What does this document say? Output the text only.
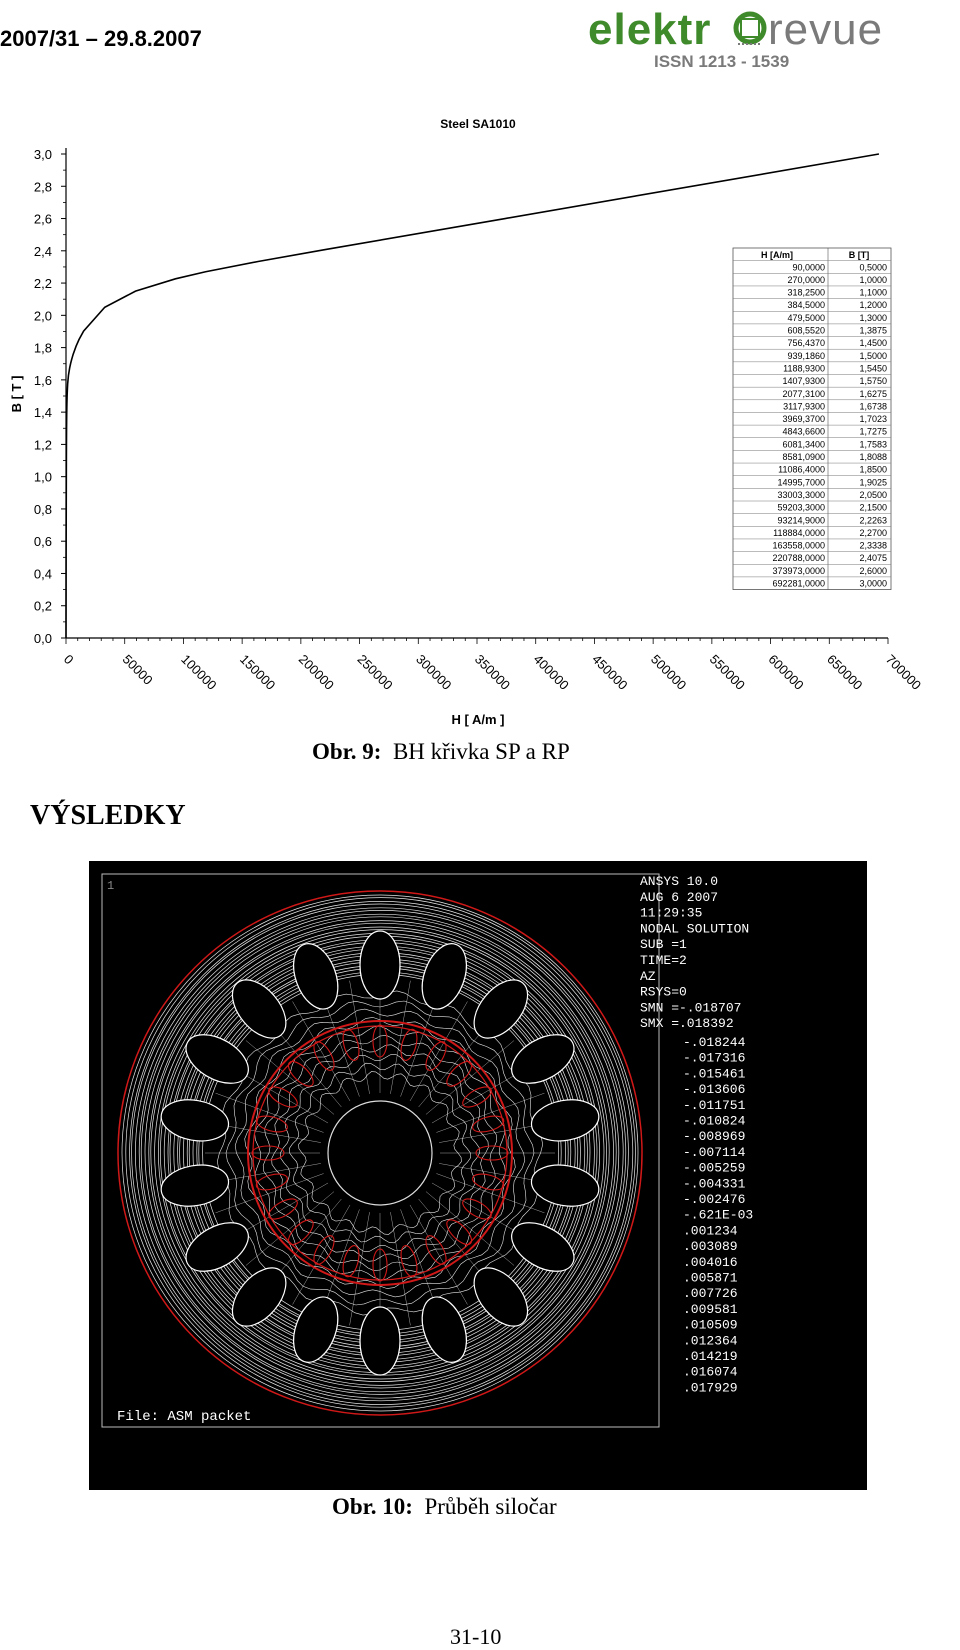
2007/31 – 29.8.2007	elektr revue
ISSN 1213 - 1539
Steel SA1010
B [ T ]
H [ A/m ]
0,0
0,2
0,4
0,6
0,8
1,0
1,2
1,4
1,6
1,8
2,0
2,2
2,4
2,6
2,8
3,0
0	50000 100000 150000 200000 250000 300000 350000 400000 450000 500000 550000 600000 650000 700000
H [A/m]	B [T]
90,0000	0,5000
270,0000	1,0000
318,2500	1,1000
384,5000	1,2000
479,5000	1,3000
608,5520	1,3875
756,4370	1,4500
939,1860	1,5000
1188,9300	1,5450
1407,9300	1,5750
2077,3100	1,6275
3117,9300	1,6738
3969,3700	1,7023
4843,6600	1,7275
6081,3400	1,7583
8581,0900	1,8088
11086,4000	1,8500
14995,7000	1,9025
33003,3000	2,0500
59203,3000	2,1500
93214,9000	2,2263
118884,0000	2,2700
163558,0000	2,3338
220788,0000	2,4075
373973,0000	2,6000
692281,0000	3,0000
Obr. 9: BH křivka SP a RP
VÝSLEDKY
1
File: ASM packet
ANSYS 10.0
AUG 6 2007
11:29:35
NODAL SOLUTION
SUB =1
TIME=2
AZ
RSYS=0
SMN =-.018707
SMX =.018392
-.018244
-.017316
-.015461
-.013606
-.011751
-.010824
-.008969
-.007114
-.005259
-.004331
-.002476
-.621E-03
.001234
.003089
.004016
.005871
.007726
.009581
.010509
.012364
.014219
.016074
.017929
Obr. 10: Průběh siločar
31-10
